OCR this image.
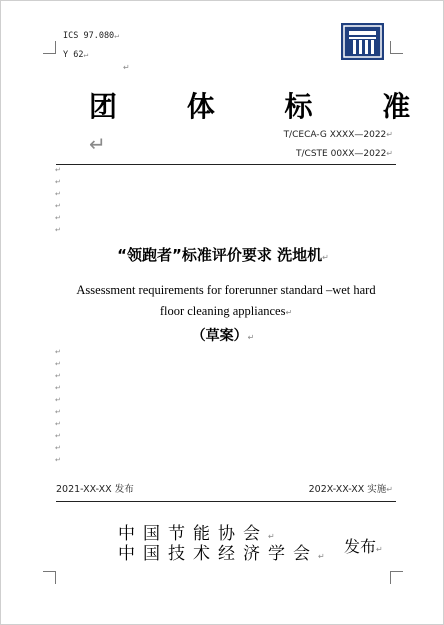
ICS 97.080↵
Y 62↵
↵
团 体 标 准↵	T/CECA-G XXXX—2022↵
T/CSTE 00XX—2022↵
↵
↵
↵
↵
↵
↵
“领跑者”标准评价要求 洗地机↵
Assessment requirements for forerunner standard –wet hard
floor cleaning appliances↵
（草案）↵
↵
↵
↵
↵
↵
↵
↵
↵
↵
↵
2021-XX-XX 发布	202X-XX-XX 实施↵
中国节能协会↵
中国技术经济学会↵
发布↵
